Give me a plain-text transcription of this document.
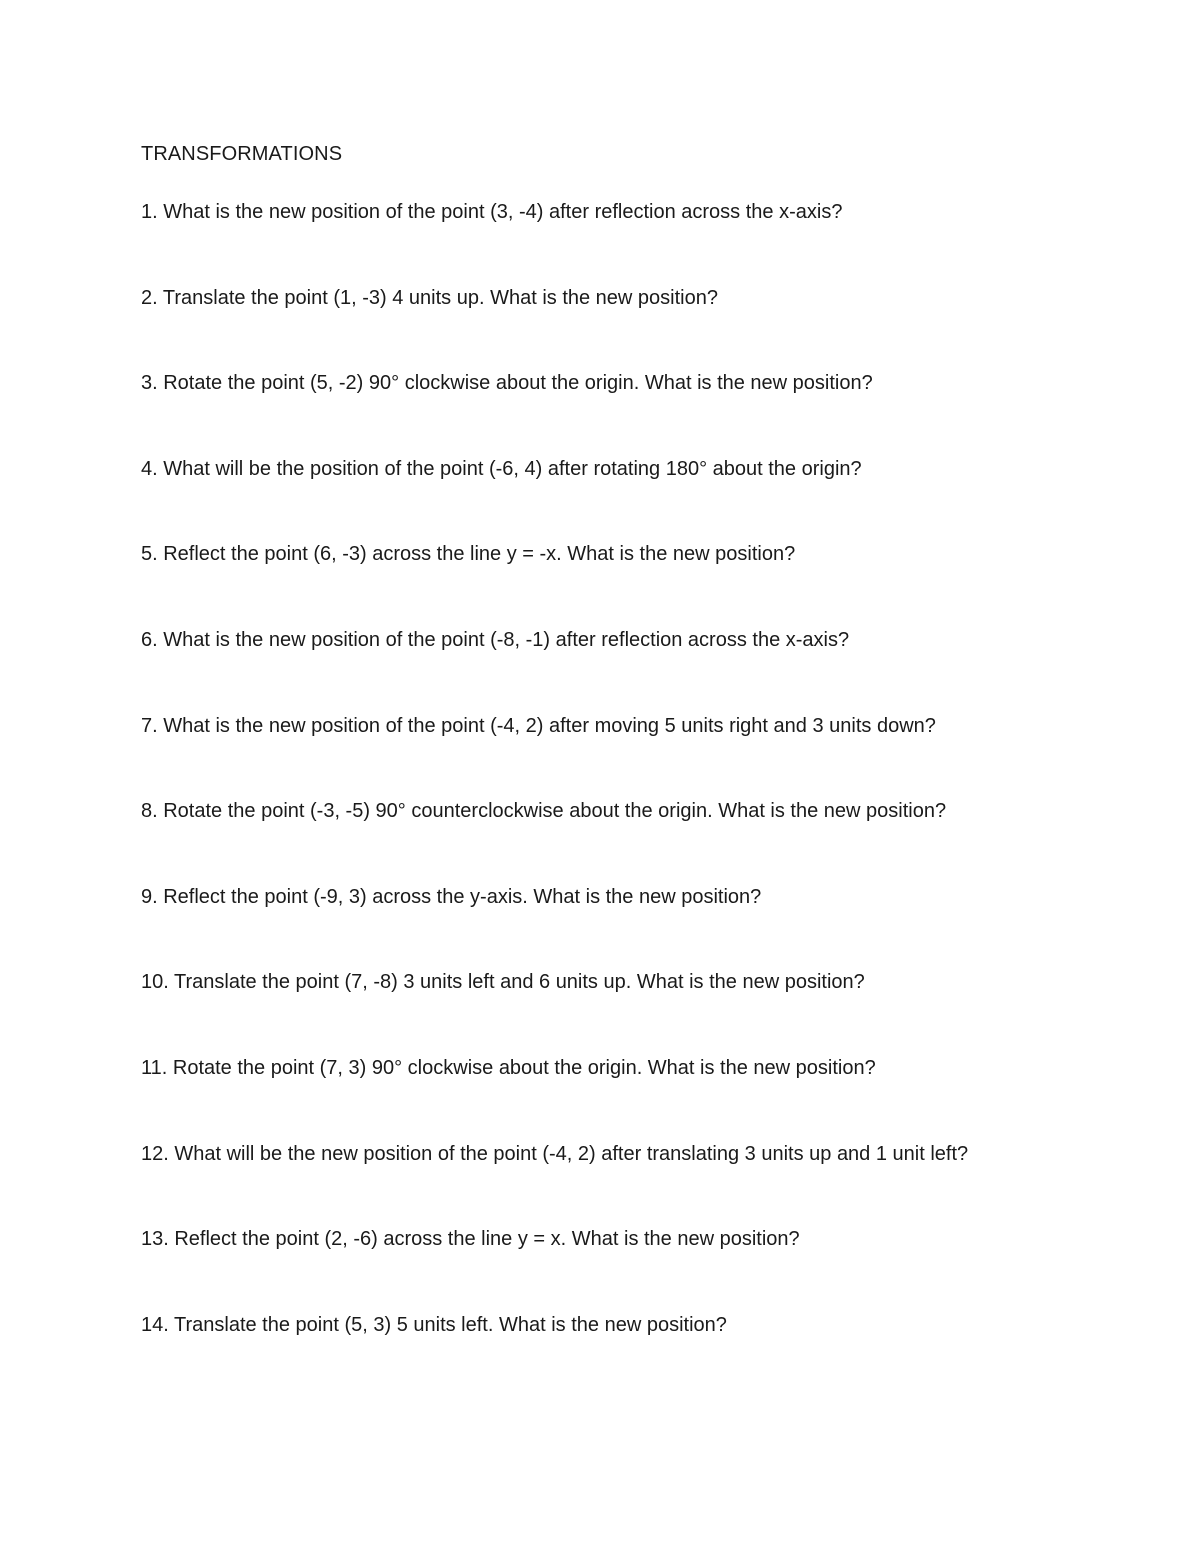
TRANSFORMATIONS
1. What is the new position of the point (3, -4) after reflection across the x-axis?
2. Translate the point (1, -3) 4 units up. What is the new position?
3. Rotate the point (5, -2) 90° clockwise about the origin. What is the new position?
4. What will be the position of the point (-6, 4) after rotating 180° about the origin?
5. Reflect the point (6, -3) across the line y = -x. What is the new position?
6. What is the new position of the point (-8, -1) after reflection across the x-axis?
7. What is the new position of the point (-4, 2) after moving 5 units right and 3 units down?
8. Rotate the point (-3, -5) 90° counterclockwise about the origin. What is the new position?
9. Reflect the point (-9, 3) across the y-axis. What is the new position?
10. Translate the point (7, -8) 3 units left and 6 units up. What is the new position?
11. Rotate the point (7, 3) 90° clockwise about the origin. What is the new position?
12. What will be the new position of the point (-4, 2) after translating 3 units up and 1 unit left?
13. Reflect the point (2, -6) across the line y = x. What is the new position?
14. Translate the point (5, 3) 5 units left. What is the new position?
